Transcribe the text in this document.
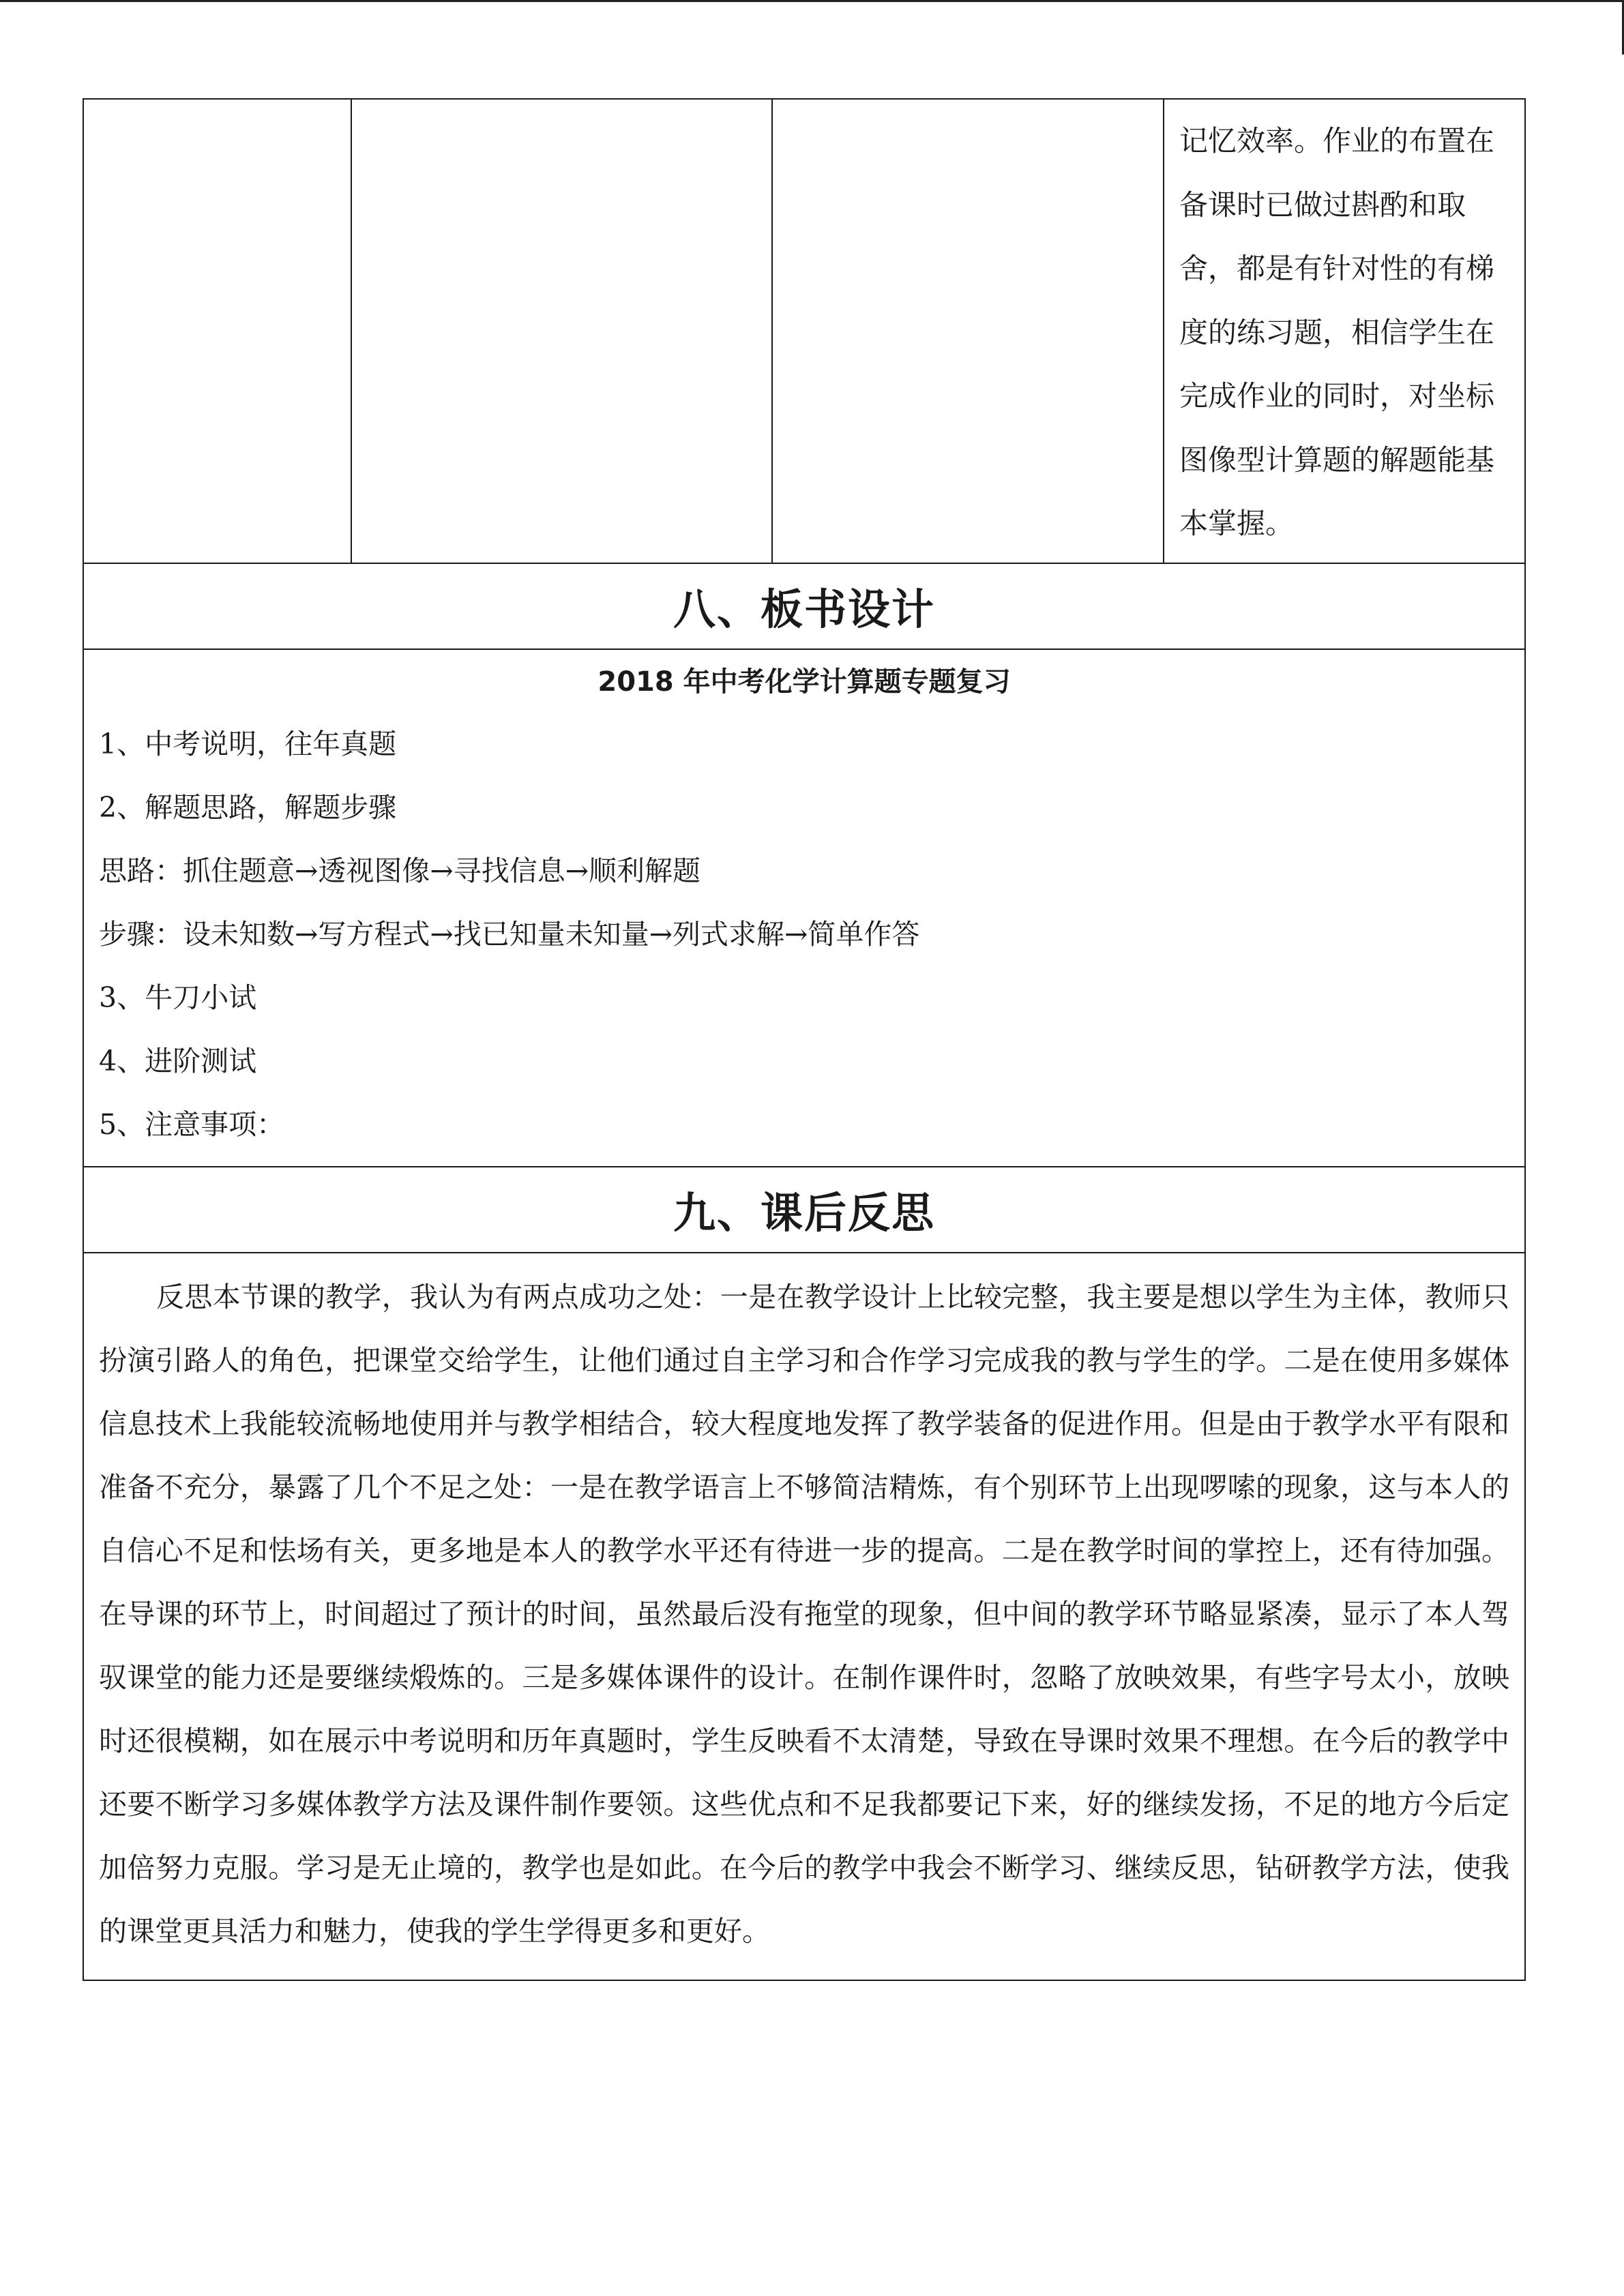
记忆效率。作业的布置在

备课时已做过斟酌和取

舍，都是有针对性的有梯

度的练习题，相信学生在

完成作业的同时，对坐标

图像型计算题的解题能基

本掌握。

八、板书设计

2018 年中考化学计算题专题复习

1、中考说明，往年真题

2、解题思路，解题步骤

思路：抓住题意→透视图像→寻找信息→顺利解题

步骤：设未知数→写方程式→找已知量未知量→列式求解→简单作答

3、牛刀小试

4、进阶测试

5、注意事项：

九、课后反思

反思本节课的教学，我认为有两点成功之处：一是在教学设计上比较完整，我主要是想以学生为主体，教师只扮演引路人的角色，把课堂交给学生，让他们通过自主学习和合作学习完成我的教与学生的学。二是在使用多媒体信息技术上我能较流畅地使用并与教学相结合，较大程度地发挥了教学装备的促进作用。但是由于教学水平有限和准备不充分，暴露了几个不足之处：一是在教学语言上不够简洁精炼，有个别环节上出现啰嗦的现象，这与本人的自信心不足和怯场有关，更多地是本人的教学水平还有待进一步的提高。二是在教学时间的掌控上，还有待加强。在导课的环节上，时间超过了预计的时间，虽然最后没有拖堂的现象，但中间的教学环节略显紧凑，显示了本人驾驭课堂的能力还是要继续煅炼的。三是多媒体课件的设计。在制作课件时，忽略了放映效果，有些字号太小，放映时还很模糊，如在展示中考说明和历年真题时，学生反映看不太清楚，导致在导课时效果不理想。在今后的教学中还要不断学习多媒体教学方法及课件制作要领。这些优点和不足我都要记下来，好的继续发扬，不足的地方今后定加倍努力克服。学习是无止境的，教学也是如此。在今后的教学中我会不断学习、继续反思，钻研教学方法，使我的课堂更具活力和魅力，使我的学生学得更多和更好。
